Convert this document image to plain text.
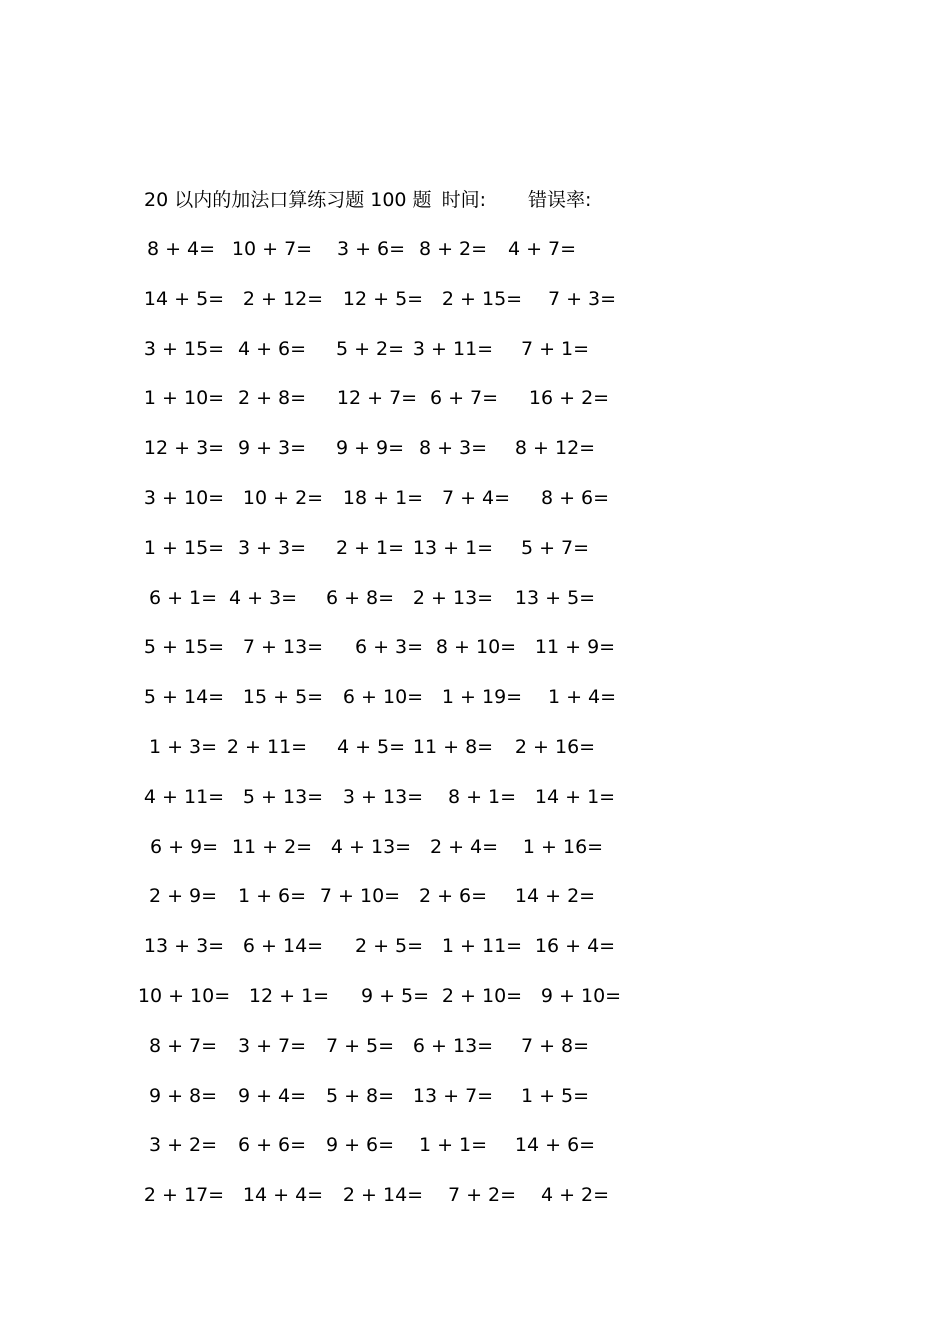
20 以内的加法口算练习题 100 题 时间: 错误率:
8 + 4= 10 + 7= 3 + 6= 8 + 2= 4 + 7=
14 + 5= 2 + 12= 12 + 5= 2 + 15= 7 + 3=
3 + 15= 4 + 6= 5 + 2= 3 + 11= 7 + 1=
1 + 10= 2 + 8= 12 + 7= 6 + 7= 16 + 2=
12 + 3= 9 + 3= 9 + 9= 8 + 3= 8 + 12=
3 + 10= 10 + 2= 18 + 1= 7 + 4= 8 + 6=
1 + 15= 3 + 3= 2 + 1= 13 + 1= 5 + 7=
6 + 1= 4 + 3= 6 + 8= 2 + 13= 13 + 5=
5 + 15= 7 + 13= 6 + 3= 8 + 10= 11 + 9=
5 + 14= 15 + 5= 6 + 10= 1 + 19= 1 + 4=
1 + 3= 2 + 11= 4 + 5= 11 + 8= 2 + 16=
4 + 11= 5 + 13= 3 + 13= 8 + 1= 14 + 1=
6 + 9= 11 + 2= 4 + 13= 2 + 4= 1 + 16=
2 + 9= 1 + 6= 7 + 10= 2 + 6= 14 + 2=
13 + 3= 6 + 14= 2 + 5= 1 + 11= 16 + 4=
10 + 10= 12 + 1= 9 + 5= 2 + 10= 9 + 10=
8 + 7= 3 + 7= 7 + 5= 6 + 13= 7 + 8=
9 + 8= 9 + 4= 5 + 8= 13 + 7= 1 + 5=
3 + 2= 6 + 6= 9 + 6= 1 + 1= 14 + 6=
2 + 17= 14 + 4= 2 + 14= 7 + 2= 4 + 2=
